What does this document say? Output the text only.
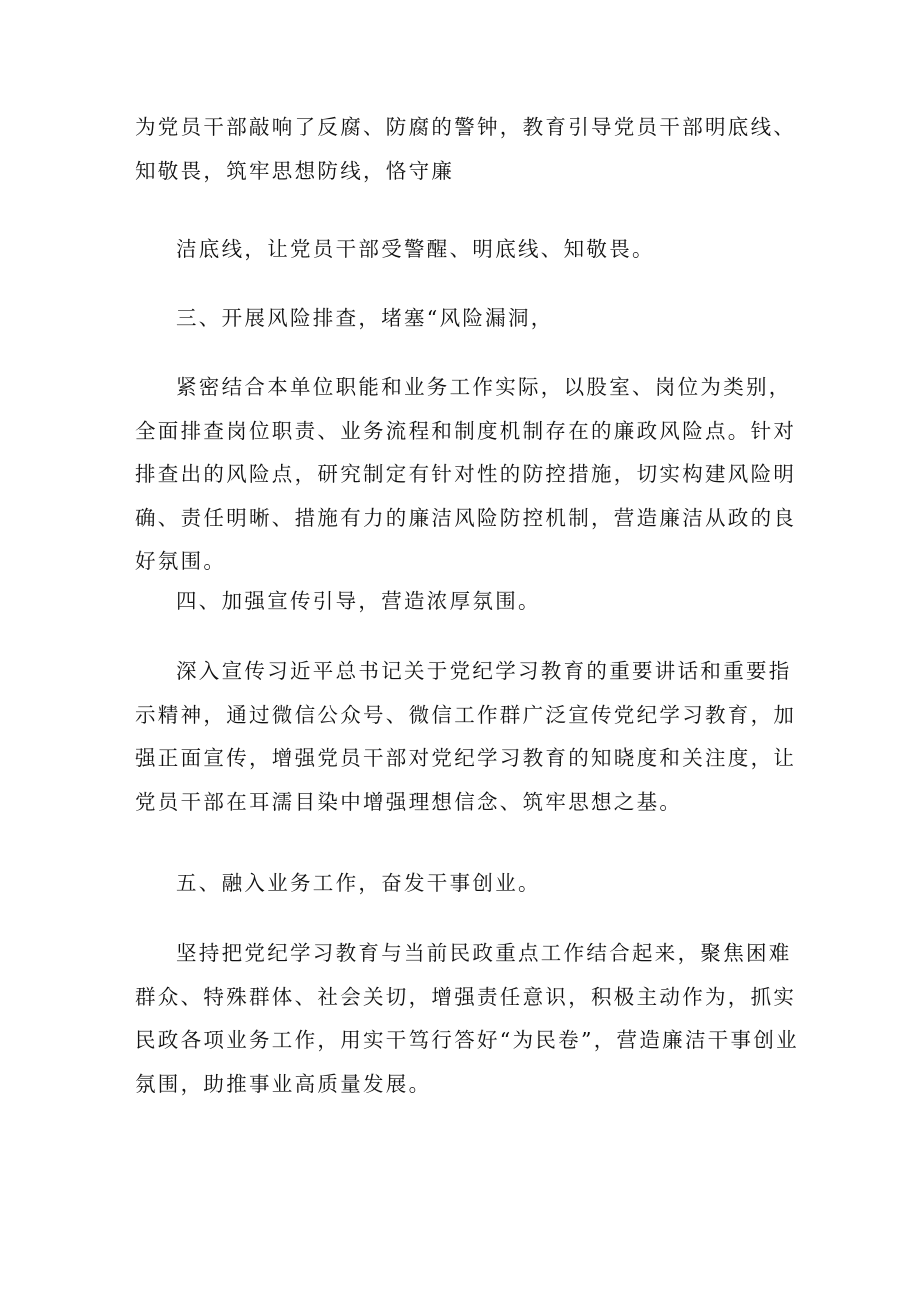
为党员干部敲响了反腐、防腐的警钟，教育引导党员干部明底线、知敬畏，筑牢思想防线，恪守廉

洁底线，让党员干部受警醒、明底线、知敬畏。

三、开展风险排查，堵塞“风险漏洞，

紧密结合本单位职能和业务工作实际，以股室、岗位为类别，全面排查岗位职责、业务流程和制度机制存在的廉政风险点。针对排查出的风险点，研究制定有针对性的防控措施，切实构建风险明确、责任明晰、措施有力的廉洁风险防控机制，营造廉洁从政的良好氛围。

四、加强宣传引导，营造浓厚氛围。

深入宣传习近平总书记关于党纪学习教育的重要讲话和重要指示精神，通过微信公众号、微信工作群广泛宣传党纪学习教育，加强正面宣传，增强党员干部对党纪学习教育的知晓度和关注度，让党员干部在耳濡目染中增强理想信念、筑牢思想之基。

五、融入业务工作，奋发干事创业。

坚持把党纪学习教育与当前民政重点工作结合起来，聚焦困难群众、特殊群体、社会关切，增强责任意识，积极主动作为，抓实民政各项业务工作，用实干笃行答好“为民卷”，营造廉洁干事创业氛围，助推事业高质量发展。
